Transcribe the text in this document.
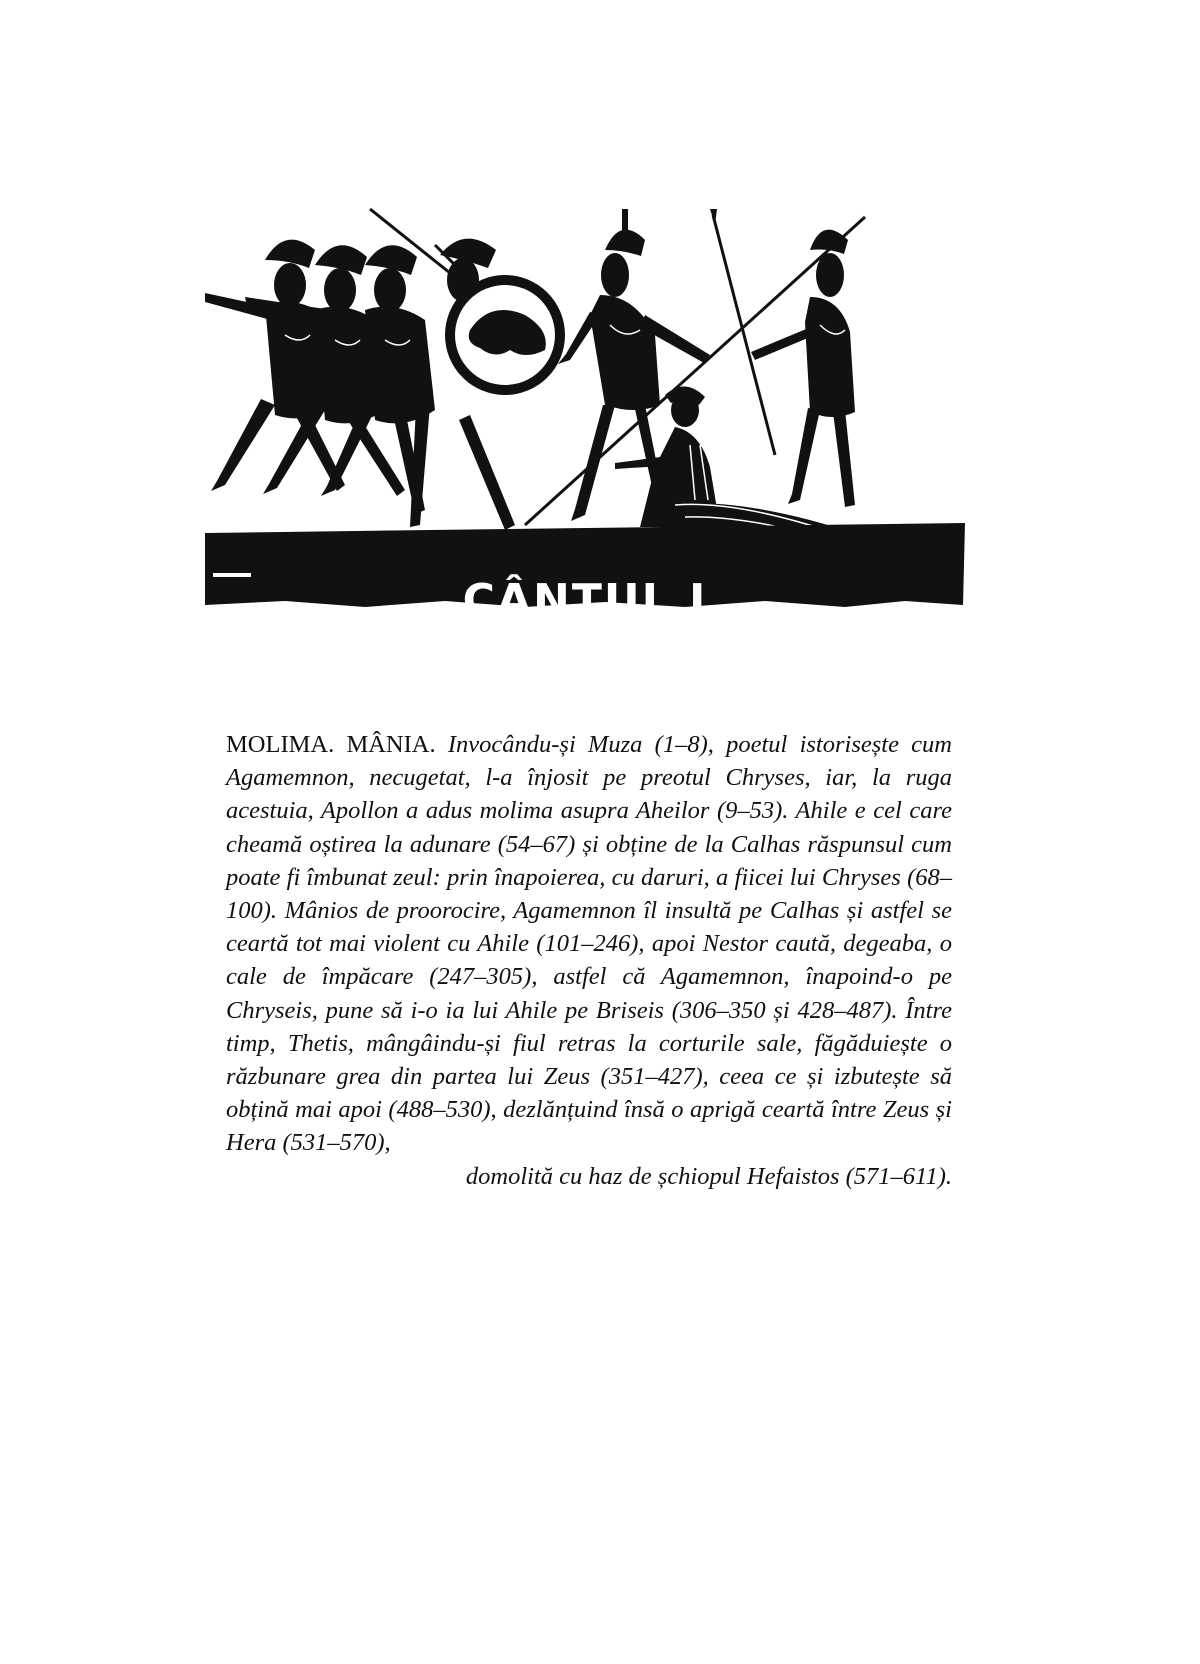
CÂNTUL I

MOLIMA. MÂNIA. Invocându-și Muza (1–8), poetul istorisește cum Agamemnon, necugetat, l-a înjosit pe preotul Chryses, iar, la ruga acestuia, Apollon a adus molima asupra Aheilor (9–53). Ahile e cel care cheamă oștirea la adunare (54–67) și obține de la Calhas răspunsul cum poate fi îmbunat zeul: prin înapoierea, cu daruri, a fiicei lui Chryses (68–100). Mânios de proorocire, Agamemnon îl insultă pe Calhas și astfel se ceartă tot mai violent cu Ahile (101–246), apoi Nestor caută, degeaba, o cale de împăcare (247–305), astfel că Agamemnon, înapoind-o pe Chryseis, pune să i-o ia lui Ahile pe Briseis (306–350 și 428–487). Între timp, Thetis, mângâindu-și fiul retras la corturile sale, făgăduiește o răzbunare grea din partea lui Zeus (351–427), ceea ce și izbutește să obțină mai apoi (488–530), dezlănțuind însă o aprigă ceartă între Zeus și Hera (531–570),
domolită cu haz de șchiopul Hefaistos (571–611).
